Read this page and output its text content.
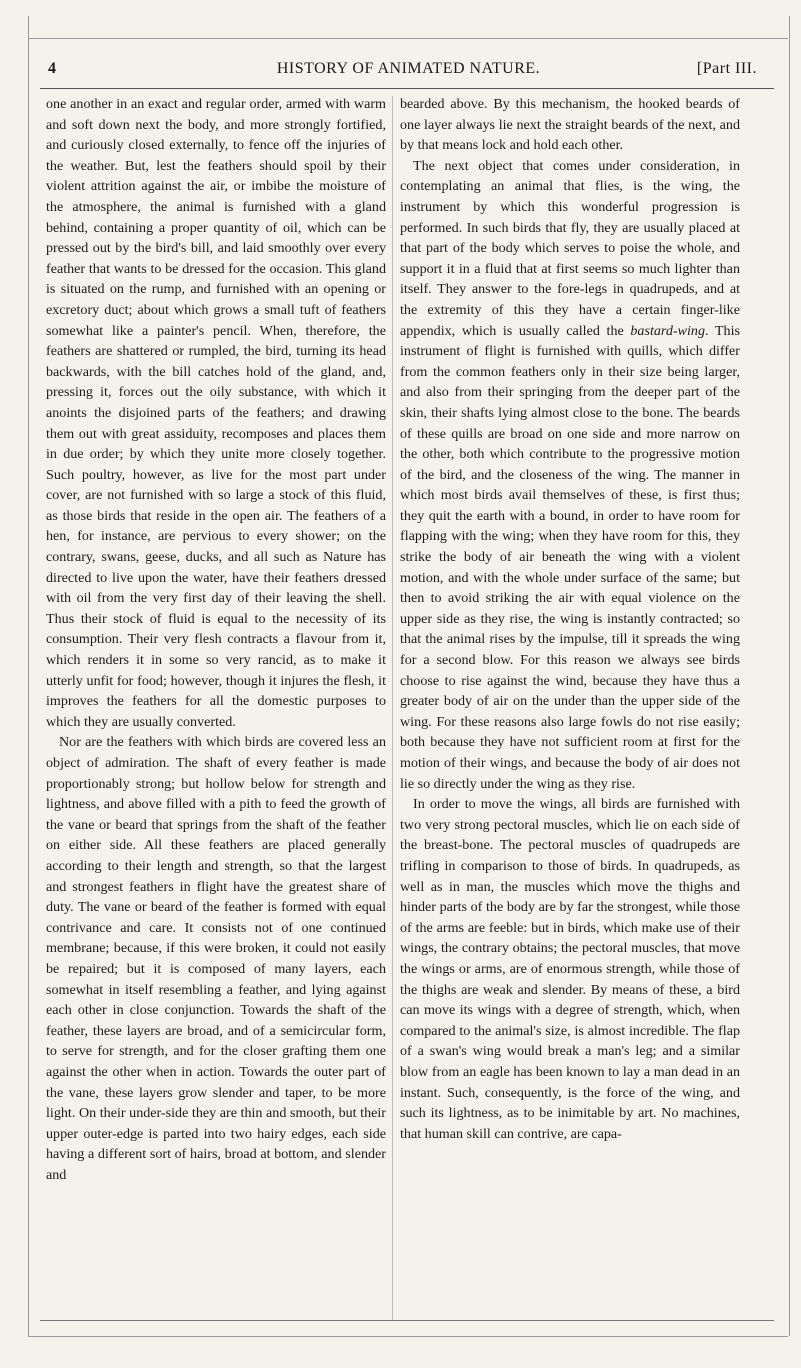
4	HISTORY OF ANIMATED NATURE.	[Part III.

one another in an exact and regular order, armed with warm and soft down next the body, and more strongly fortified, and curiously closed externally, to fence off the injuries of the weather. But, lest the feathers should spoil by their violent attrition against the air, or imbibe the moisture of the atmosphere, the animal is furnished with a gland behind, containing a proper quantity of oil, which can be pressed out by the bird's bill, and laid smoothly over every feather that wants to be dressed for the occasion. This gland is situated on the rump, and furnished with an opening or excretory duct; about which grows a small tuft of feathers somewhat like a painter's pencil. When, therefore, the feathers are shattered or rumpled, the bird, turning its head backwards, with the bill catches hold of the gland, and, pressing it, forces out the oily substance, with which it anoints the disjoined parts of the feathers; and drawing them out with great assiduity, recomposes and places them in due order; by which they unite more closely together. Such poultry, however, as live for the most part under cover, are not furnished with so large a stock of this fluid, as those birds that reside in the open air. The feathers of a hen, for instance, are pervious to every shower; on the contrary, swans, geese, ducks, and all such as Nature has directed to live upon the water, have their feathers dressed with oil from the very first day of their leaving the shell. Thus their stock of fluid is equal to the necessity of its consumption. Their very flesh contracts a flavour from it, which renders it in some so very rancid, as to make it utterly unfit for food; however, though it injures the flesh, it improves the feathers for all the domestic purposes to which they are usually converted.

Nor are the feathers with which birds are covered less an object of admiration. The shaft of every feather is made proportionably strong; but hollow below for strength and lightness, and above filled with a pith to feed the growth of the vane or beard that springs from the shaft of the feather on either side. All these feathers are placed generally according to their length and strength, so that the largest and strongest feathers in flight have the greatest share of duty. The vane or beard of the feather is formed with equal contrivance and care. It consists not of one continued membrane; because, if this were broken, it could not easily be repaired; but it is composed of many layers, each somewhat in itself resembling a feather, and lying against each other in close conjunction. Towards the shaft of the feather, these layers are broad, and of a semicircular form, to serve for strength, and for the closer grafting them one against the other when in action. Towards the outer part of the vane, these layers grow slender and taper, to be more light. On their under-side they are thin and smooth, but their upper outer-edge is parted into two hairy edges, each side having a different sort of hairs, broad at bottom, and slender and

bearded above. By this mechanism, the hooked beards of one layer always lie next the straight beards of the next, and by that means lock and hold each other.

The next object that comes under consideration, in contemplating an animal that flies, is the wing, the instrument by which this wonderful progression is performed. In such birds that fly, they are usually placed at that part of the body which serves to poise the whole, and support it in a fluid that at first seems so much lighter than itself. They answer to the fore-legs in quadrupeds, and at the extremity of this they have a certain finger-like appendix, which is usually called the bastard-wing. This instrument of flight is furnished with quills, which differ from the common feathers only in their size being larger, and also from their springing from the deeper part of the skin, their shafts lying almost close to the bone. The beards of these quills are broad on one side and more narrow on the other, both which contribute to the progressive motion of the bird, and the closeness of the wing. The manner in which most birds avail themselves of these, is first thus; they quit the earth with a bound, in order to have room for flapping with the wing; when they have room for this, they strike the body of air beneath the wing with a violent motion, and with the whole under surface of the same; but then to avoid striking the air with equal violence on the upper side as they rise, the wing is instantly contracted; so that the animal rises by the impulse, till it spreads the wing for a second blow. For this reason we always see birds choose to rise against the wind, because they have thus a greater body of air on the under than the upper side of the wing. For these reasons also large fowls do not rise easily; both because they have not sufficient room at first for the motion of their wings, and because the body of air does not lie so directly under the wing as they rise.

In order to move the wings, all birds are furnished with two very strong pectoral muscles, which lie on each side of the breast-bone. The pectoral muscles of quadrupeds are trifling in comparison to those of birds. In quadrupeds, as well as in man, the muscles which move the thighs and hinder parts of the body are by far the strongest, while those of the arms are feeble: but in birds, which make use of their wings, the contrary obtains; the pectoral muscles, that move the wings or arms, are of enormous strength, while those of the thighs are weak and slender. By means of these, a bird can move its wings with a degree of strength, which, when compared to the animal's size, is almost incredible. The flap of a swan's wing would break a man's leg; and a similar blow from an eagle has been known to lay a man dead in an instant. Such, consequently, is the force of the wing, and such its lightness, as to be inimitable by art. No machines, that human skill can contrive, are capa-
